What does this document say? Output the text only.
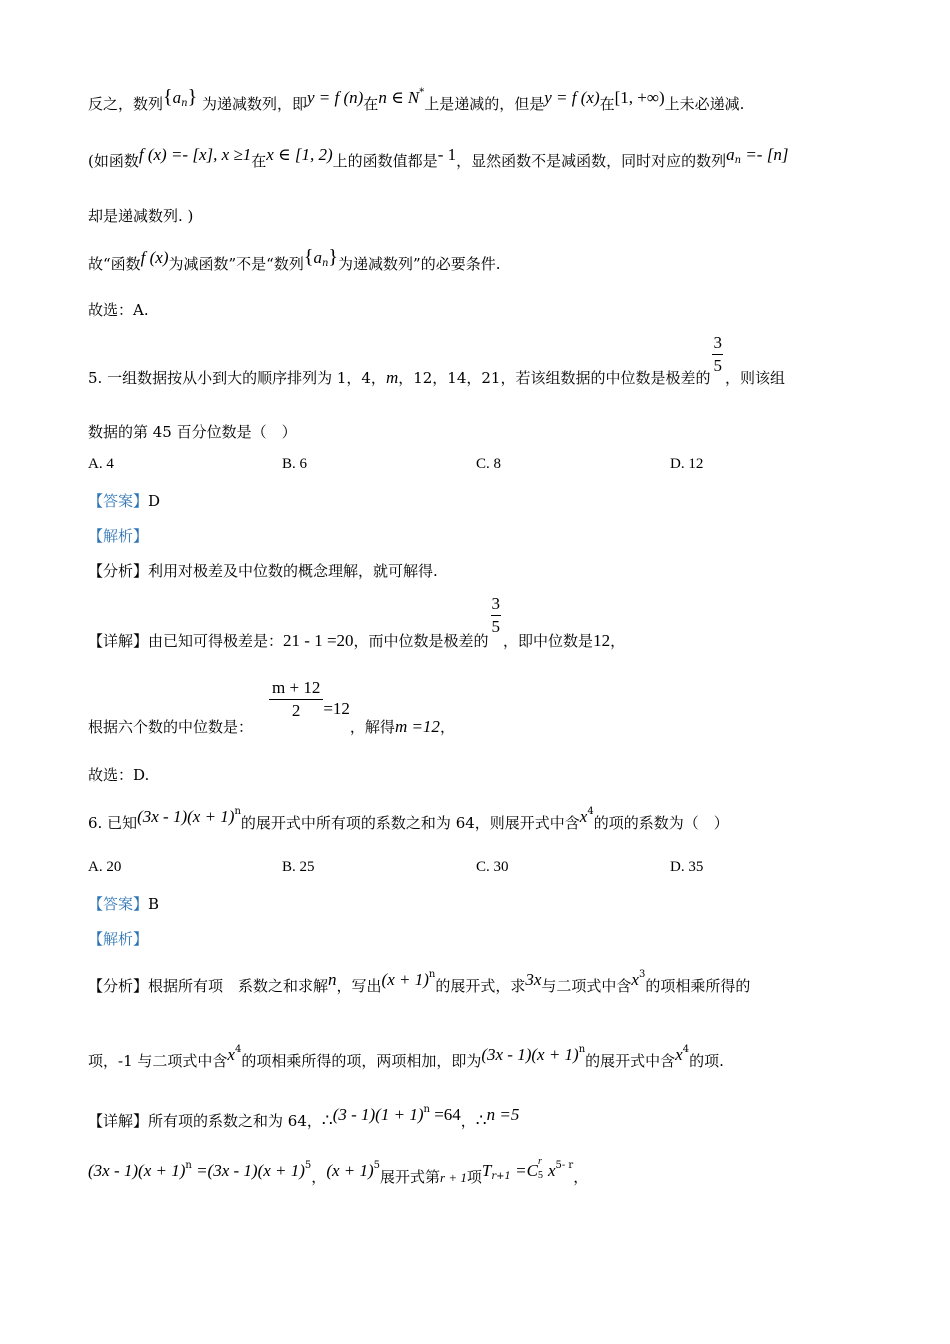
反之，数列$\{a^n\}$ 为递减数列，即y = f (n)在n ∈ N*上是递减的，但是y = f (x)在[1, +∞)上未必递减.
(如函数f (x) =- [x], x ≥1在x ∈ [1, 2)上的函数值都是- 1，显然函数不是减函数，同时对应的数列$a^n =- [n]$
却是递减数列. )
故“函数f (x)为减函数”不是“数列$\{a^n\}$为递减数列”的必要条件.
故选：A.
5. 一组数据按从小到大的顺序排列为 1，4，m，12，14，21，若该组数据的中位数是极差的
$\frac{3}{5}$
，则该组
数据的第 45 百分位数是（　）
A. 4	B. 6	C. 8	D. 12
【答案】D
【解析】
【分析】利用对极差及中位数的概念理解，就可解得.
【详解】由已知可得极差是：21 - 1 =20，而中位数是极差的
$\frac{3}{5}$
，即中位数是12，
根据六个数的中位数是：
$\frac{m + 12}{2} =12$，解得m =12，
故选：D.
6. 已知$(3x - 1)(x + 1)^n$的展开式中所有项的系数之和为 64，则展开式中含$x^4$的项的系数为（　）
A. 20	B. 25	C. 30	D. 35
【答案】B
【解析】
【分析】根据所有项　系数之和求解n，写出$(x + 1)^n$的展开式，求3x与二项式中含$x^3$的项相乘所得的
项，-1 与二项式中含$x^4$的项相乘所得的项，两项相加，即为$(3x - 1)(x + 1)^n$的展开式中含$x^4$的项.
【详解】所有项的系数之和为 64，∴(3 - $1)(1 + 1)^n =64$，∴n =5
$(3x - 1)(x + 1)^n =(3x - 1)(x + 1)^5$，$(x + 1)^5$展开式第r + 1项$T^{r+1} =C$ r
5 $x^{5- r}$，
